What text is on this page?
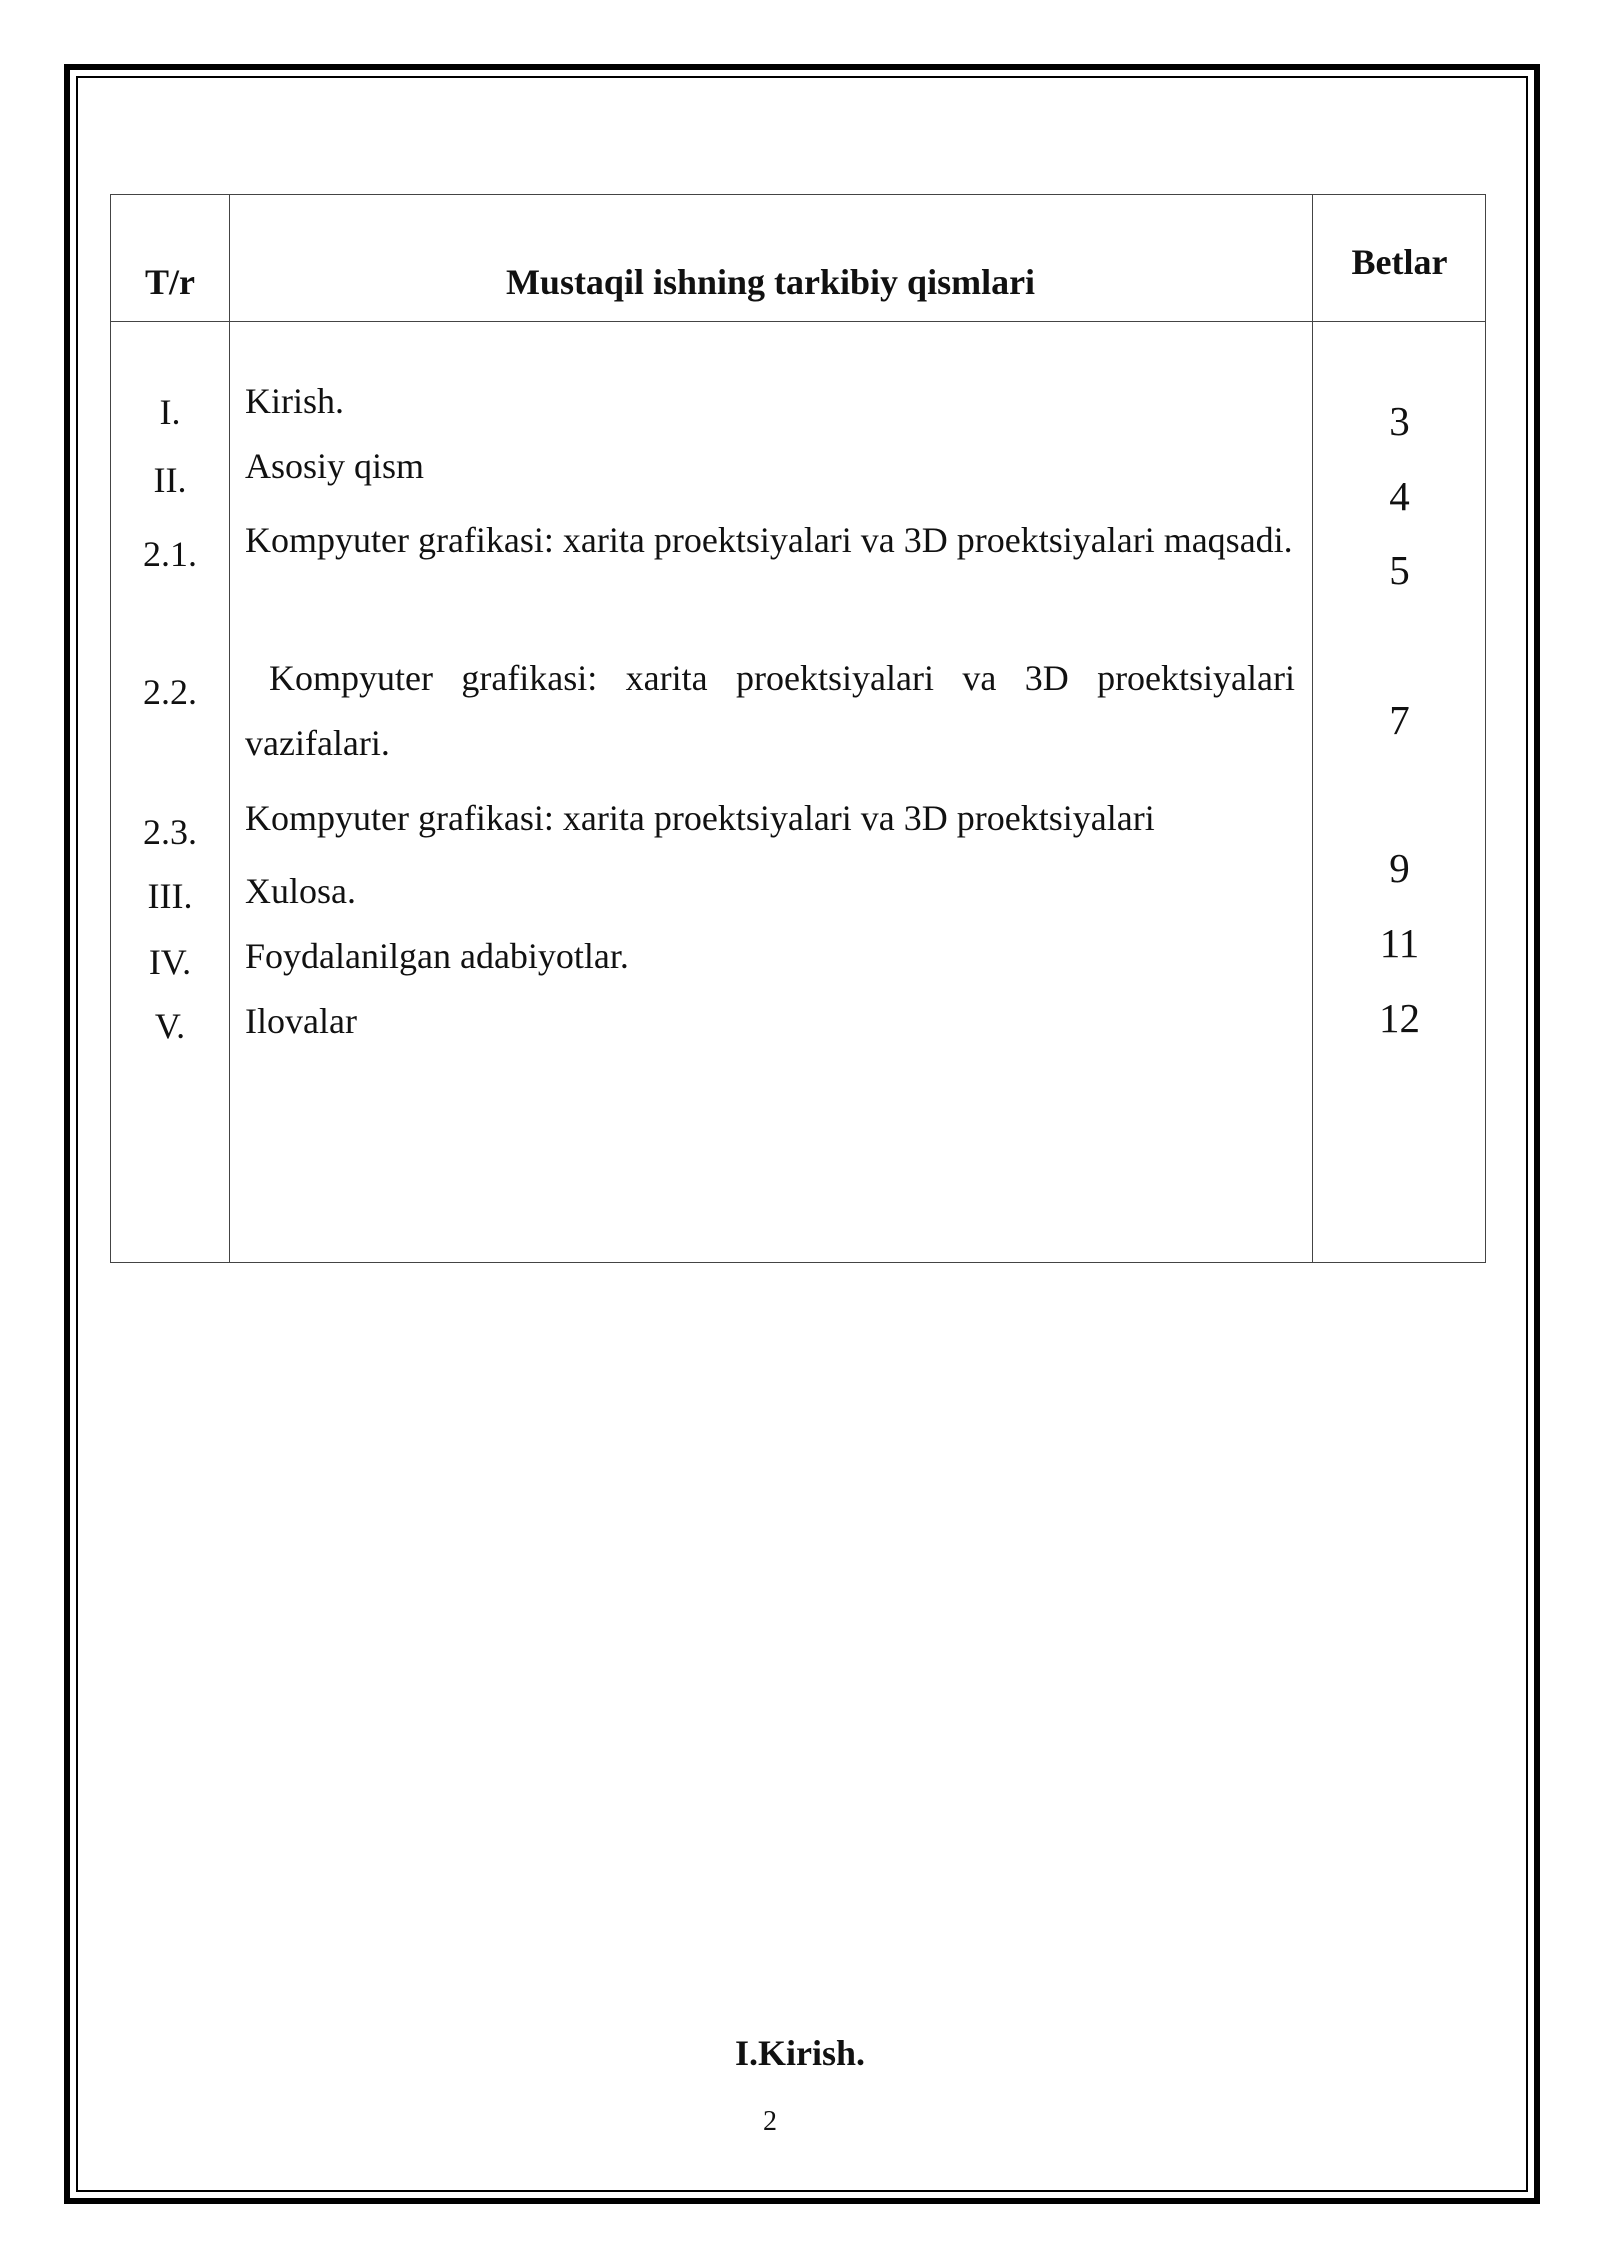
T/r	Mustaqil ishning tarkibiy qismlari	Betlar
I.
II.
2.1.
2.2.
2.3.
III.
IV.
V.
Kirish.
Asosiy qism
Kompyuter grafikasi: xarita proektsiyalari va 3D proektsiyalari maqsadi.
Kompyuter grafikasi: xarita proektsiyalari va 3D proektsiyalari vazifalari.
Kompyuter grafikasi: xarita proektsiyalari va 3D proektsiyalari
Xulosa.
Foydalanilgan adabiyotlar.
Ilovalar
3
4
5
7
9
11
12
I.Kirish.
2
